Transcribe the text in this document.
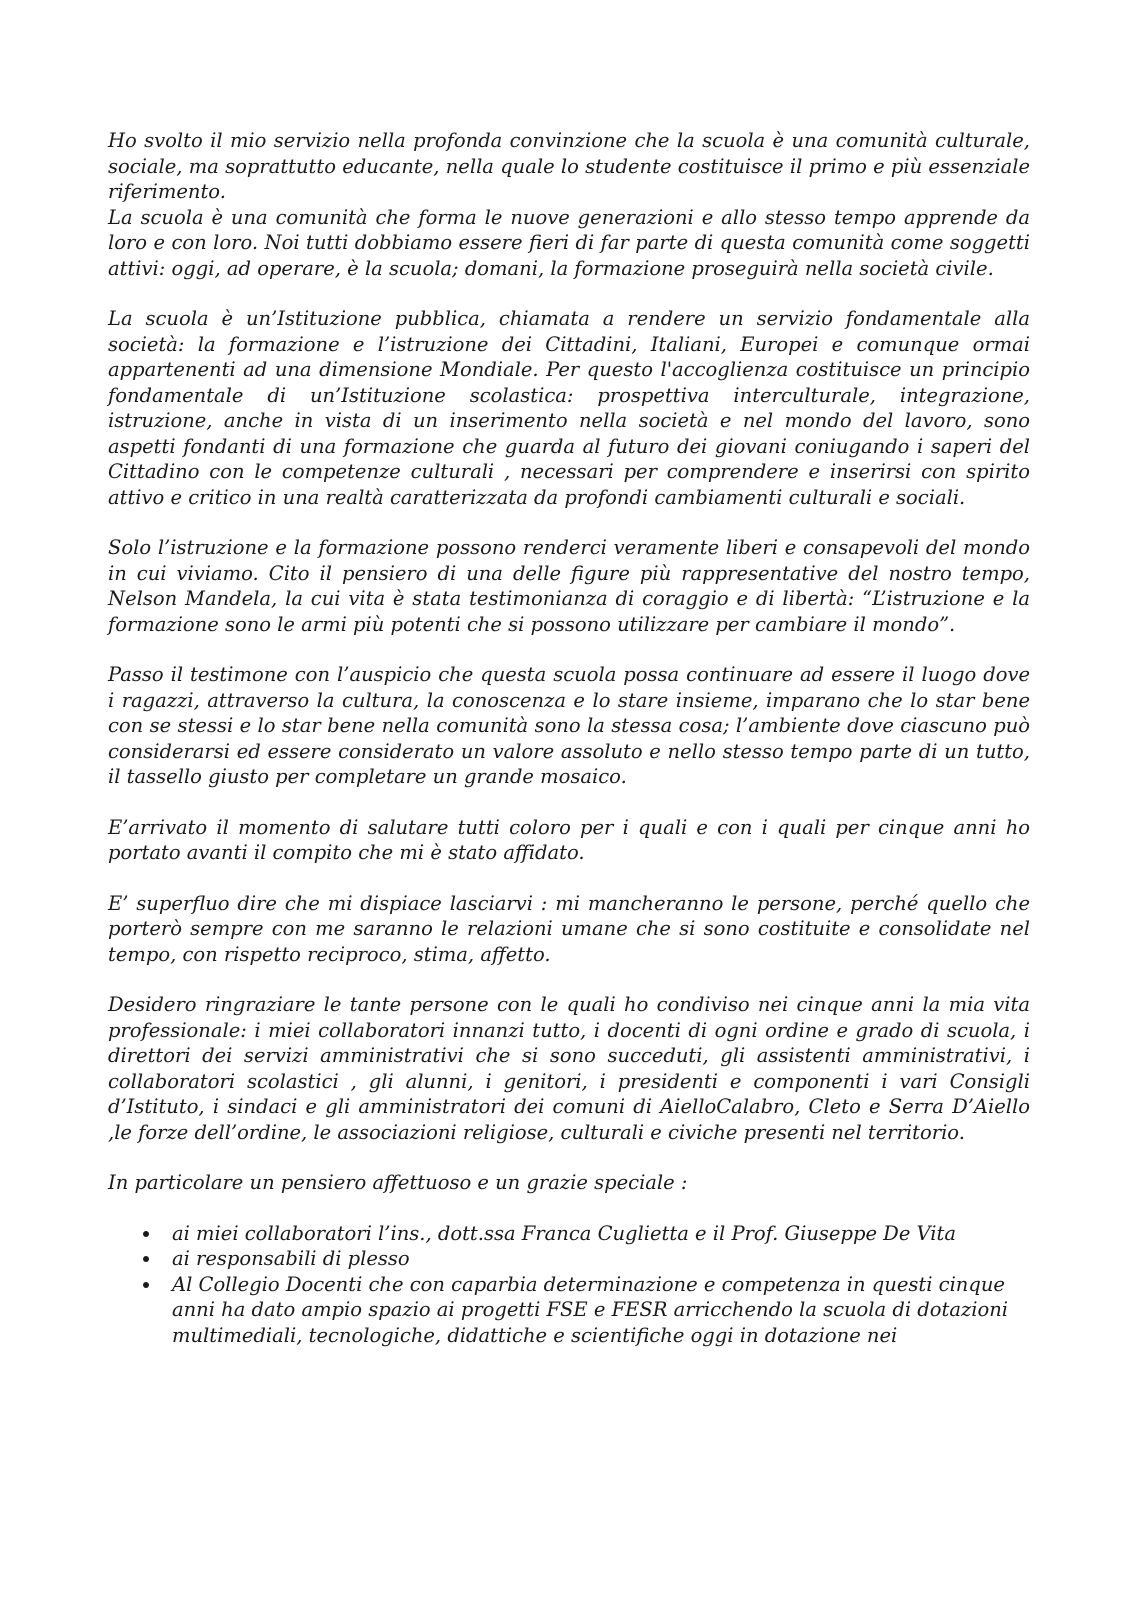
Ho svolto il mio servizio nella profonda convinzione che la scuola è una comunità culturale, sociale, ma soprattutto educante, nella quale lo studente costituisce il primo e più essenziale riferimento.

La scuola è una comunità che forma le nuove generazioni e allo stesso tempo apprende da loro e con loro. Noi tutti dobbiamo essere fieri di far parte di questa comunità come soggetti attivi: oggi, ad operare, è la scuola; domani, la formazione proseguirà nella società civile.

La scuola è un’Istituzione pubblica, chiamata a rendere un servizio fondamentale alla società: la formazione e l’istruzione dei Cittadini, Italiani, Europei e comunque ormai appartenenti ad una dimensione Mondiale. Per questo l'accoglienza costituisce un principio fondamentale di un’Istituzione scolastica: prospettiva interculturale, integrazione, istruzione, anche in vista di un inserimento nella società e nel mondo del lavoro, sono aspetti fondanti di una formazione che guarda al futuro dei giovani coniugando i saperi del Cittadino con le competenze culturali , necessari per comprendere e inserirsi con spirito attivo e critico in una realtà caratterizzata da profondi cambiamenti culturali e sociali.

Solo l’istruzione e la formazione possono renderci veramente liberi e consapevoli del mondo in cui viviamo. Cito il pensiero di una delle figure più rappresentative del nostro tempo, Nelson Mandela, la cui vita è stata testimonianza di coraggio e di libertà: “L’istruzione e la formazione sono le armi più potenti che si possono utilizzare per cambiare il mondo”.

Passo il testimone con l’auspicio che questa scuola possa continuare ad essere il luogo dove i ragazzi, attraverso la cultura, la conoscenza e lo stare insieme, imparano che lo star bene con se stessi e lo star bene nella comunità sono la stessa cosa; l’ambiente dove ciascuno può considerarsi ed essere considerato un valore assoluto e nello stesso tempo parte di un tutto, il tassello giusto per completare un grande mosaico.

E’arrivato il momento di salutare tutti coloro per i quali e con i quali per cinque anni ho portato avanti il compito che mi è stato affidato.

E’ superfluo dire che mi dispiace lasciarvi : mi mancheranno le persone, perché quello che porterò sempre con me saranno le relazioni umane che si sono costituite e consolidate nel tempo, con rispetto reciproco, stima, affetto.

Desidero ringraziare le tante persone con le quali ho condiviso nei cinque anni la mia vita professionale: i miei collaboratori innanzi tutto, i docenti di ogni ordine e grado di scuola, i direttori dei servizi amministrativi che si sono succeduti, gli assistenti amministrativi, i collaboratori scolastici , gli alunni, i genitori, i presidenti e componenti i vari Consigli d’Istituto, i sindaci e gli amministratori dei comuni di AielloCalabro, Cleto e Serra D’Aiello ,le forze dell’ordine, le associazioni religiose, culturali e civiche presenti nel territorio.

In particolare un pensiero affettuoso e un grazie speciale :

ai miei collaboratori l’ins., dott.ssa Franca Cuglietta e il Prof. Giuseppe De Vita
ai responsabili di plesso
Al Collegio Docenti che con caparbia determinazione e competenza in questi cinque anni ha dato ampio spazio ai progetti FSE e FESR arricchendo la scuola di dotazioni multimediali, tecnologiche, didattiche e scientifiche oggi in dotazione nei
